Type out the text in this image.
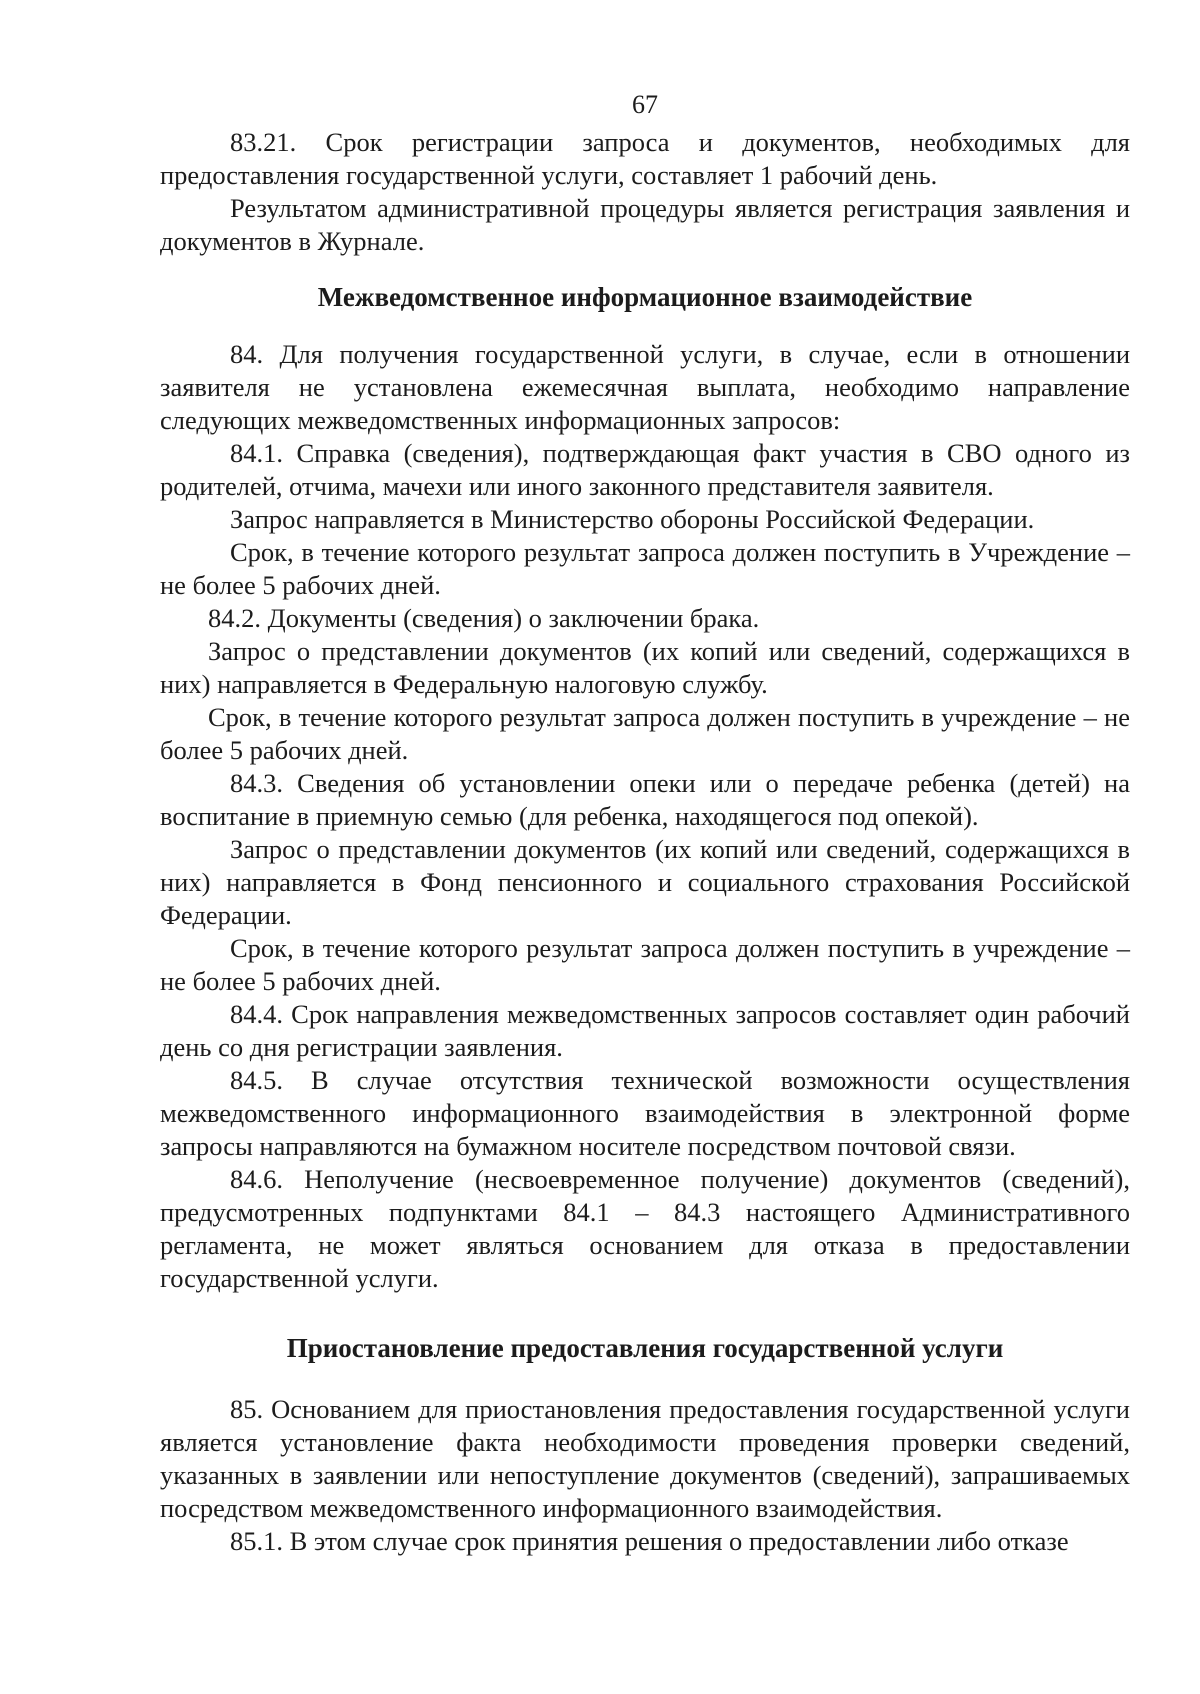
67

83.21. Срок регистрации запроса и документов, необходимых для предоставления государственной услуги, составляет 1 рабочий день.

Результатом административной процедуры является регистрация заявления и документов в Журнале.

Межведомственное информационное взаимодействие

84. Для получения государственной услуги, в случае, если в отношении заявителя не установлена ежемесячная выплата, необходимо направление следующих межведомственных информационных запросов:

84.1. Справка (сведения), подтверждающая факт участия в СВО одного из родителей, отчима, мачехи или иного законного представителя заявителя.

Запрос направляется в Министерство обороны Российской Федерации.

Срок, в течение которого результат запроса должен поступить в Учреждение – не более 5 рабочих дней.

84.2. Документы (сведения) о заключении брака.

Запрос о представлении документов (их копий или сведений, содержащихся в них) направляется в Федеральную налоговую службу.

Срок, в течение которого результат запроса должен поступить в учреждение – не более 5 рабочих дней.

84.3. Сведения об установлении опеки или о передаче ребенка (детей) на воспитание в приемную семью (для ребенка, находящегося под опекой).

Запрос о представлении документов (их копий или сведений, содержащихся в них) направляется в Фонд пенсионного и социального страхования Российской Федерации.

Срок, в течение которого результат запроса должен поступить в учреждение – не более 5 рабочих дней.

84.4. Срок направления межведомственных запросов составляет один рабочий день со дня регистрации заявления.

84.5. В случае отсутствия технической возможности осуществления межведомственного информационного взаимодействия в электронной форме запросы направляются на бумажном носителе посредством почтовой связи.

84.6. Неполучение (несвоевременное получение) документов (сведений), предусмотренных подпунктами 84.1 – 84.3 настоящего Административного регламента, не может являться основанием для отказа в предоставлении государственной услуги.

Приостановление предоставления государственной услуги

85. Основанием для приостановления предоставления государственной услуги является установление факта необходимости проведения проверки сведений, указанных в заявлении или непоступление документов (сведений), запрашиваемых посредством межведомственного информационного взаимодействия.

85.1. В этом случае срок принятия решения о предоставлении либо отказе
